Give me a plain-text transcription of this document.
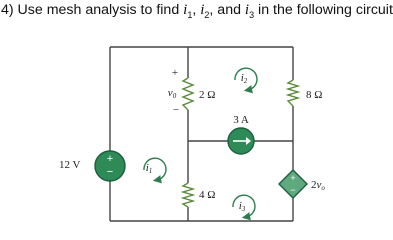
4) Use mesh analysis to find $i_1$, $i_2$, and $i_3$ in the following circuit
+
−
12 V
2 Ω
+
v0
−
8 Ω
4 Ω
3 A
+
− 2vo
i1
i2
i3
